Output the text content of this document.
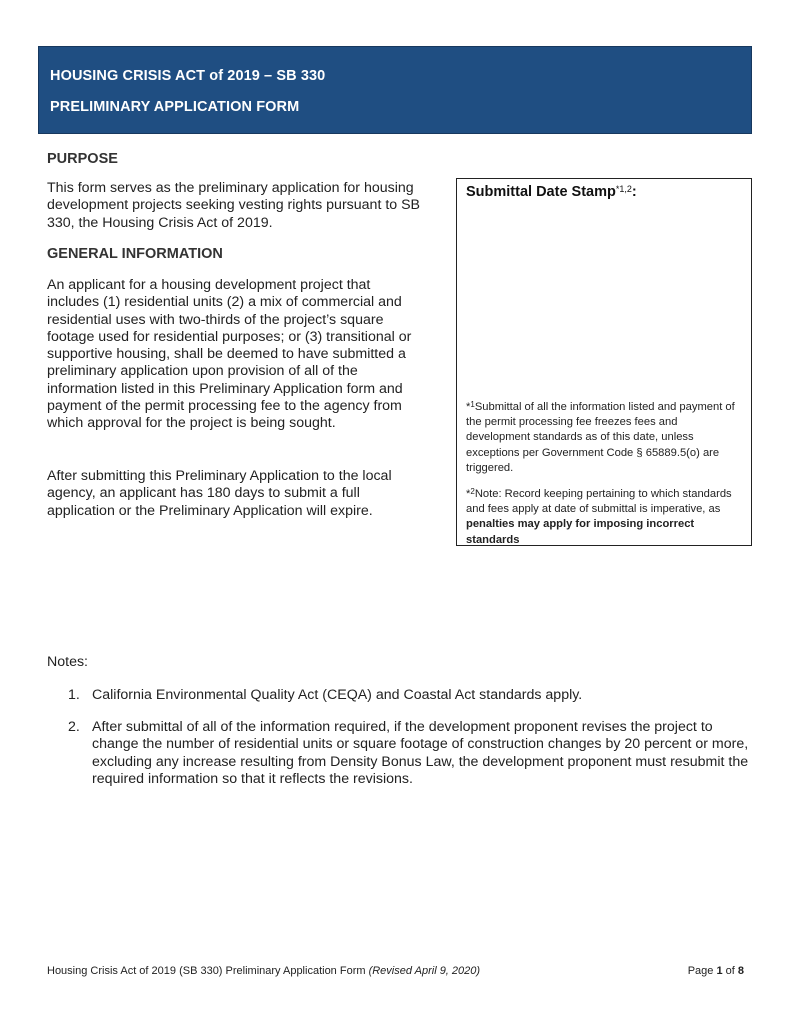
HOUSING CRISIS ACT of 2019 – SB 330
PRELIMINARY APPLICATION FORM
PURPOSE
This form serves as the preliminary application for housing development projects seeking vesting rights pursuant to SB 330, the Housing Crisis Act of 2019.
GENERAL INFORMATION
An applicant for a housing development project that includes (1) residential units (2) a mix of commercial and residential uses with two-thirds of the project’s square footage used for residential purposes; or (3) transitional or supportive housing, shall be deemed to have submitted a preliminary application upon provision of all of the information listed in this Preliminary Application form and payment of the permit processing fee to the agency from which approval for the project is being sought.
After submitting this Preliminary Application to the local agency, an applicant has 180 days to submit a full application or the Preliminary Application will expire.
Submittal Date Stamp$^{*1,2}$:
*$^1$Submittal of all the information listed and payment of the permit processing fee freezes fees and development standards as of this date, unless exceptions per Government Code § 65889.5(o) are triggered.
*$^2$Note: Record keeping pertaining to which standards and fees apply at date of submittal is imperative, as penalties may apply for imposing incorrect standards
Notes:
1. California Environmental Quality Act (CEQA) and Coastal Act standards apply.
2. After submittal of all of the information required, if the development proponent revises the project to change the number of residential units or square footage of construction changes by 20 percent or more, excluding any increase resulting from Density Bonus Law, the development proponent must resubmit the required information so that it reflects the revisions.
Housing Crisis Act of 2019 (SB 330) Preliminary Application Form (Revised April 9, 2020)	Page 1 of 8
